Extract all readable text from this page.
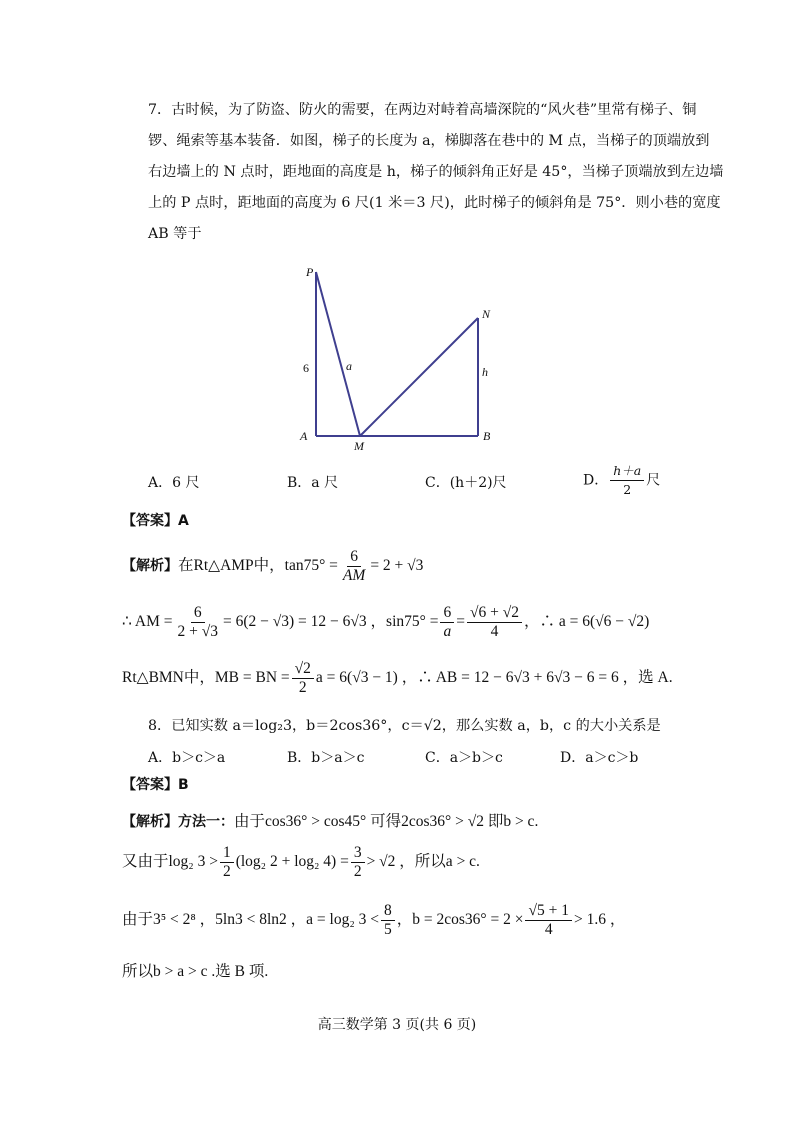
7．古时候，为了防盗、防火的需要，在两边对峙着高墙深院的“风火巷”里常有梯子、铜
锣、绳索等基本装备．如图，梯子的长度为 a，梯脚落在巷中的 M 点，当梯子的顶端放到
右边墙上的 N 点时，距地面的高度是 h，梯子的倾斜角正好是 45°，当梯子顶端放到左边墙
上的 P 点时，距地面的高度为 6 尺(1 米＝3 尺)，此时梯子的倾斜角是 75°．则小巷的宽度
AB 等于
P
N
A	B
M
6	a	h
A．6 尺	B．a 尺	C．(h＋2)尺	D． $\frac{h+a}{2}$ 尺
【答案】A
【解析】在Rt△AMP中，$\tan 75^\circ = \frac{6}{AM} = 2 + √3$
∴ AM = $\frac{6}{2 + √3} = 6(2 - √3) = 12 - 6√3$ ，$\sin 75^\circ = \frac{6}{a} = \frac{√6 + √2}{4}$ ，∴ a = 6(√6 − √2)
Rt△BMN中，MB = BN = $\frac{√2}{2}$ a = 6(√3 − 1) ，∴ AB = 12 − 6√3 + 6√3 − 6 = 6 ，选 A.
8．已知实数 a＝log₂3，b＝2cos36°，c＝√2，那么实数 a，b，c 的大小关系是
A．b＞c＞a	B．b＞a＞c	C．a＞b＞c	D．a＞c＞b
【答案】B
【解析】方法一：由于cos36° > cos45° 可得2cos36° > √2 即b > c.
又由于log₂ $3 > \frac{1}{2} (\log_2$ 2 + log₂ $4) = \frac{3}{2} > √2$ ，所以a > c.
由于3⁵ < 2⁸ ，5ln3 < 8ln2 ，a = log₂ $3 < \frac{8}{5}$ ，$b = 2\cos 36^\circ = 2 \times \frac{√5 + 1}{4} > 1.6$ ，
所以b > a > c .选 B 项.
高三数学第 3 页(共 6 页)
